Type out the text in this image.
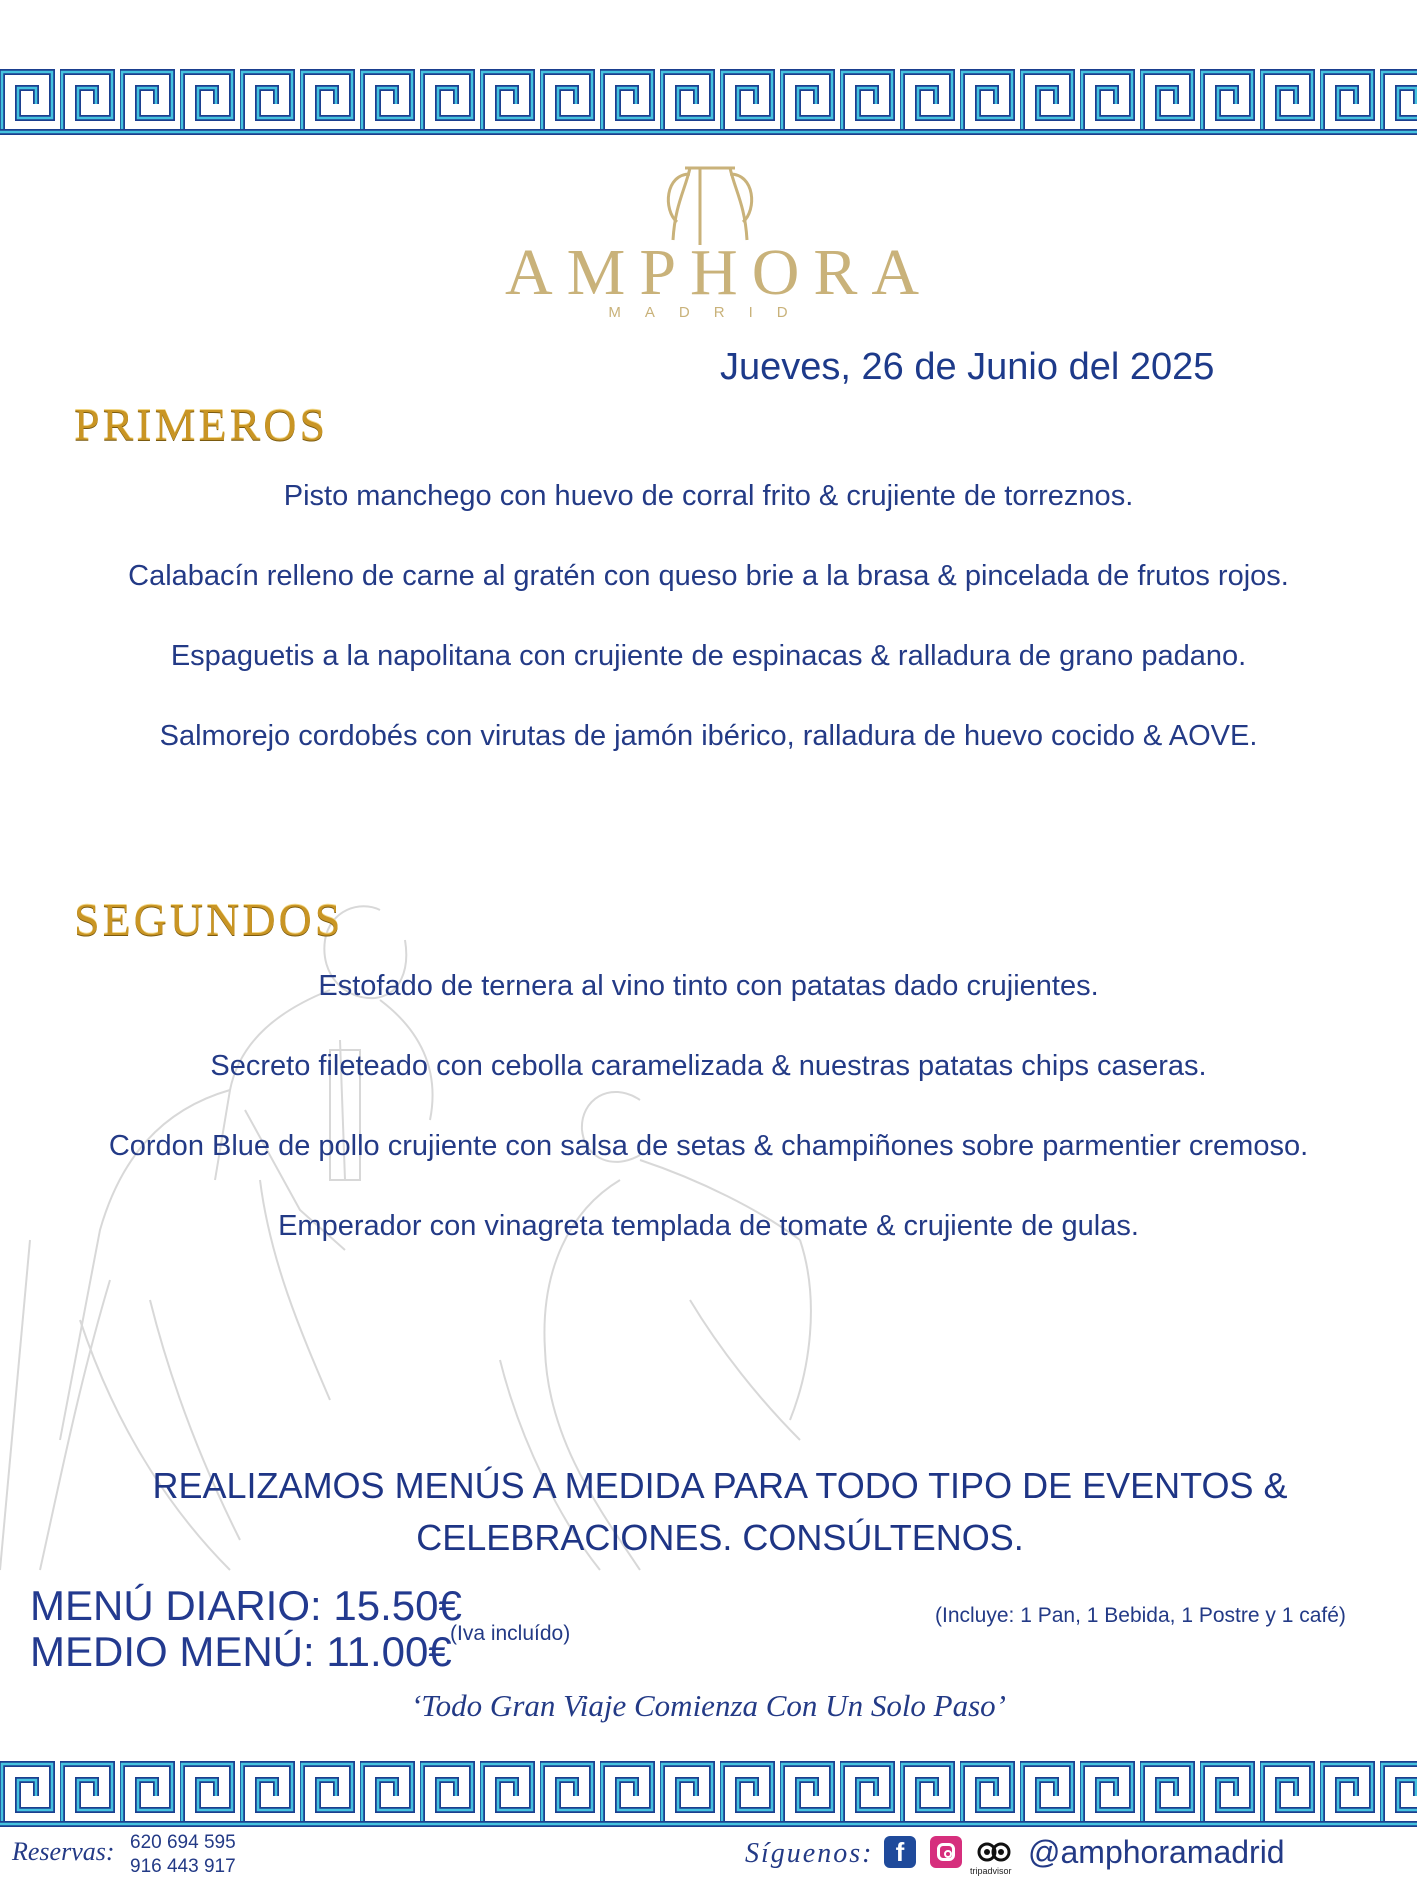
AMPHORA
MADRID
Jueves, 26 de Junio del 2025
PRIMEROS
Pisto manchego con huevo de corral frito & crujiente de torreznos.
Calabacín relleno de carne al gratén con queso brie a la brasa & pincelada de frutos rojos.
Espaguetis a la napolitana con crujiente de espinacas & ralladura de grano padano.
Salmorejo cordobés con virutas de jamón ibérico, ralladura de huevo cocido & AOVE.
SEGUNDOS
Estofado de ternera al vino tinto con patatas dado crujientes.
Secreto fileteado con cebolla caramelizada & nuestras patatas chips caseras.
Cordon Blue de pollo crujiente con salsa de setas & champiñones sobre parmentier cremoso.
Emperador con vinagreta templada de tomate & crujiente de gulas.
REALIZAMOS MENÚS A MEDIDA PARA TODO TIPO DE EVENTOS &
CELEBRACIONES. CONSÚLTENOS.
MENÚ DIARIO: 15.50€
MEDIO MENÚ: 11.00€
(Iva incluído)
(Incluye: 1 Pan, 1 Bebida, 1 Postre y 1 café)
‘Todo Gran Viaje Comienza Con Un Solo Paso’
Reservas: 620 694 595
916 443 917	Síguenos: f
tripadvisor
@amphoramadrid
